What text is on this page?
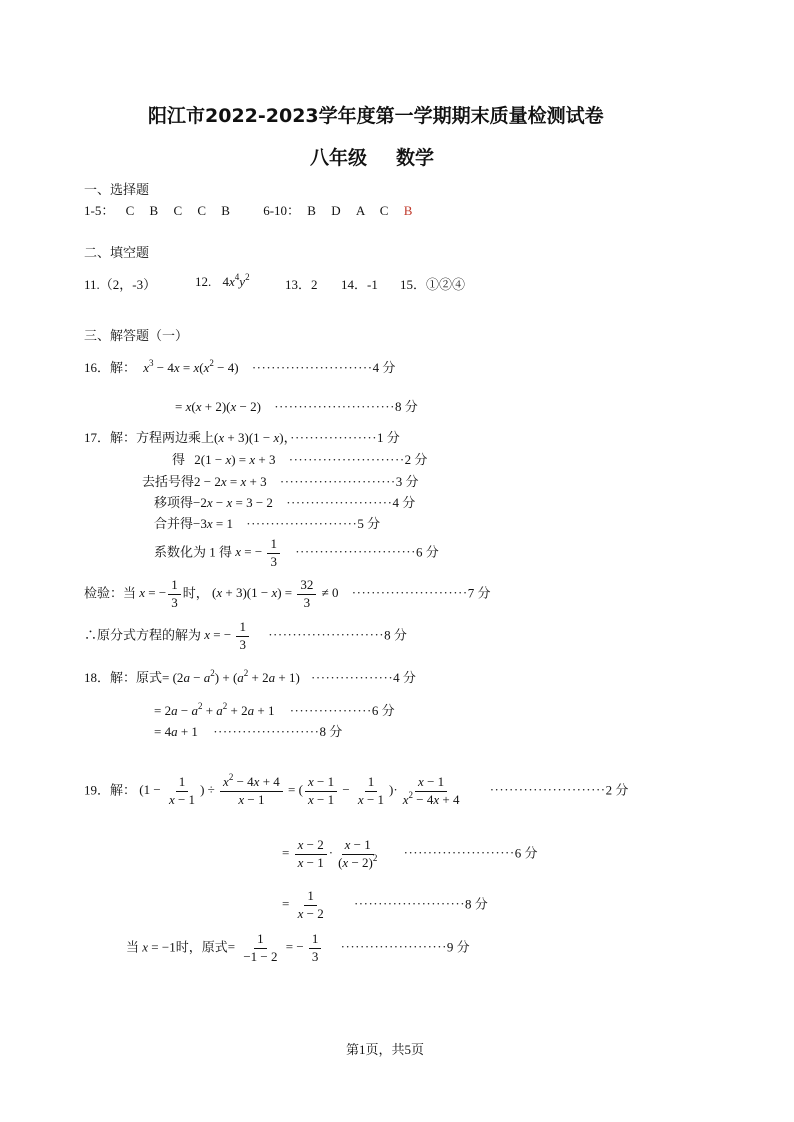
阳江市2022-2023学年度第一学期期末质量检测试卷
八年级 数学
一、选择题
1-5： C B C C B	6-10： B D A C B
二、填空题
11.（2，-3）	12. $4x^4y^2$	13．2 14．-1 15．①②④
三、解答题（一）
16．解： $x^3 - 4x = x(x^2 - 4) \cdot\cdot\cdot\cdot\cdot\cdot\cdot\cdot\cdot\cdot\cdot\cdot\cdot\cdot\cdot\cdot\cdot\cdot\cdot\cdot\cdot\cdot\cdot\cdot\cdot 4$ 分
= x(x + 2)(x − 2) ·························8 分
17．解：方程两边乘上(x + 3)(1 − x)，··················1 分
得 2(1 − x) = x + 3 ························2 分
去括号得2 − 2x = x + 3 ························3 分
移项得−2x − x = 3 − 2 ······················4 分
合并得−3x = 1 ·······················5 分
系数化为 1 得 x = − $\frac{1}{3} \cdot\cdot\cdot\cdot\cdot\cdot\cdot\cdot\cdot\cdot\cdot\cdot\cdot\cdot\cdot\cdot\cdot\cdot\cdot\cdot\cdot\cdot\cdot\cdot\cdot 6$ 分
检验：当 x = − $\frac{1}{3}$ 时， $(x + 3)(1 - x) = \frac{32}{3} \ne 0 \cdot\cdot\cdot\cdot\cdot\cdot\cdot\cdot\cdot\cdot\cdot\cdot\cdot\cdot\cdot\cdot\cdot\cdot\cdot\cdot\cdot\cdot\cdot\cdot 7$ 分
∴原分式方程的解为 x = − $\frac{1}{3} \cdot\cdot\cdot\cdot\cdot\cdot\cdot\cdot\cdot\cdot\cdot\cdot\cdot\cdot\cdot\cdot\cdot\cdot\cdot\cdot\cdot\cdot\cdot\cdot 8$ 分
18．解：原式= $(2a - a^2) + (a^2 + 2a + 1) \cdot\cdot\cdot\cdot\cdot\cdot\cdot\cdot\cdot\cdot\cdot\cdot\cdot\cdot\cdot\cdot\cdot 4$ 分
= $2a - a^2 + a^2 + 2a + 1 \cdot\cdot\cdot\cdot\cdot\cdot\cdot\cdot\cdot\cdot\cdot\cdot\cdot\cdot\cdot\cdot\cdot 6$ 分
= 4a + 1 ······················8 分
19．解： ($1 - \frac{1}{x - 1}$ ) ÷ $\frac{x^2 - 4x + 4}{x - 1}$ = ( $\frac{x - 1}{x - 1} - \frac{1}{x - 1}$ )· $\frac{x - 1}{x^2 - 4x + 4} \cdot\cdot\cdot\cdot\cdot\cdot\cdot\cdot\cdot\cdot\cdot\cdot\cdot\cdot\cdot\cdot\cdot\cdot\cdot\cdot\cdot\cdot\cdot\cdot 2$ 分
= $\frac{x - 2}{x - 1} \cdot \frac{x - 1}{(x - 2)^2} \cdot\cdot\cdot\cdot\cdot\cdot\cdot\cdot\cdot\cdot\cdot\cdot\cdot\cdot\cdot\cdot\cdot\cdot\cdot\cdot\cdot\cdot\cdot 6$ 分
= $\frac{1}{x - 2} \cdot\cdot\cdot\cdot\cdot\cdot\cdot\cdot\cdot\cdot\cdot\cdot\cdot\cdot\cdot\cdot\cdot\cdot\cdot\cdot\cdot\cdot\cdot 8$ 分
当 x = −1时，原式= $\frac{1}{-1 - 2}$ = − $\frac{1}{3} \cdot\cdot\cdot\cdot\cdot\cdot\cdot\cdot\cdot\cdot\cdot\cdot\cdot\cdot\cdot\cdot\cdot\cdot\cdot\cdot\cdot\cdot 9$ 分
第1页，共5页
